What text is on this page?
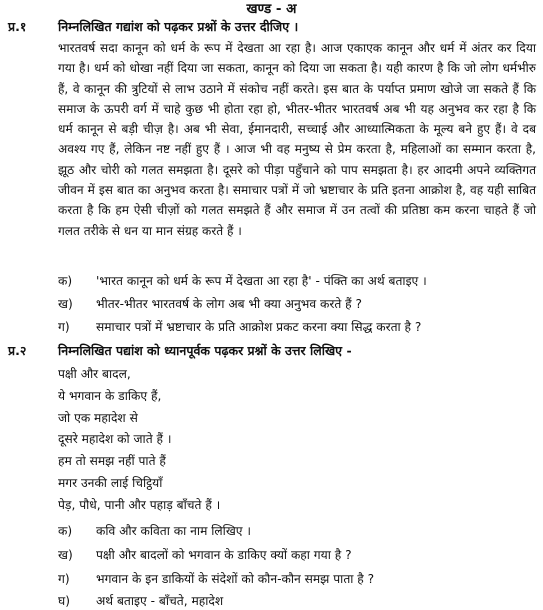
खण्ड - अ
प्र.१	निम्नलिखित गद्यांश को पढ़कर प्रश्नों के उत्तर दीजिए ।

भारतवर्ष सदा कानून को धर्म के रूप में देखता आ रहा है। आज एकाएक कानून और धर्म में अंतर कर दिया गया है। धर्म को धोखा नहीं दिया जा सकता, कानून को दिया जा सकता है। यही कारण है कि जो लोग धर्मभीरु हैं, वे कानून की त्रुटियों से लाभ उठाने में संकोच नहीं करते। इस बात के पर्याप्त प्रमाण खोजे जा सकते हैं कि समाज के ऊपरी वर्ग में चाहे कुछ भी होता रहा हो, भीतर-भीतर भारतवर्ष अब भी यह अनुभव कर रहा है कि धर्म कानून से बड़ी चीज़ है। अब भी सेवा, ईमानदारी, सच्चाई और आध्यात्मिकता के मूल्य बने हुए हैं। वे दब अवश्य गए हैं, लेकिन नष्ट नहीं हुए हैं । आज भी वह मनुष्य से प्रेम करता है, महिलाओं का सम्मान करता है, झूठ और चोरी को गलत समझता है। दूसरे को पीड़ा पहुँचाने को पाप समझता है। हर आदमी अपने व्यक्तिगत जीवन में इस बात का अनुभव करता है। समाचार पत्रों में जो भ्रष्टाचार के प्रति इतना आक्रोश है, वह यही साबित करता है कि हम ऐसी चीज़ों को गलत समझते हैं और समाज में उन तत्वों की प्रतिष्ठा कम करना चाहते हैं जो गलत तरीके से धन या मान संग्रह करते हैं ।

क) 'भारत कानून को धर्म के रूप में देखता आ रहा है' - पंक्ति का अर्थ बताइए ।
ख) भीतर-भीतर भारतवर्ष के लोग अब भी क्या अनुभव करते हैं ?
ग) समाचार पत्रों में भ्रष्टाचार के प्रति आक्रोश प्रकट करना क्या सिद्ध करता है ?
प्र.२	निम्नलिखित पद्यांश को ध्यानपूर्वक पढ़कर प्रश्नों के उत्तर लिखिए -
पक्षी और बादल,
ये भगवान के डाकिए हैं,
जो एक महादेश से
दूसरे महादेश को जाते हैं ।
हम तो समझ नहीं पाते हैं
मगर उनकी लाई चिट्ठियाँ
पेड़, पौधे, पानी और पहाड़ बाँचते हैं ।
क) कवि और कविता का नाम लिखिए ।
ख) पक्षी और बादलों को भगवान के डाकिए क्यों कहा गया है ?
ग) भगवान के इन डाकियों के संदेशों को कौन-कौन समझ पाता है ?
घ) अर्थ बताइए - बाँचते, महादेश
